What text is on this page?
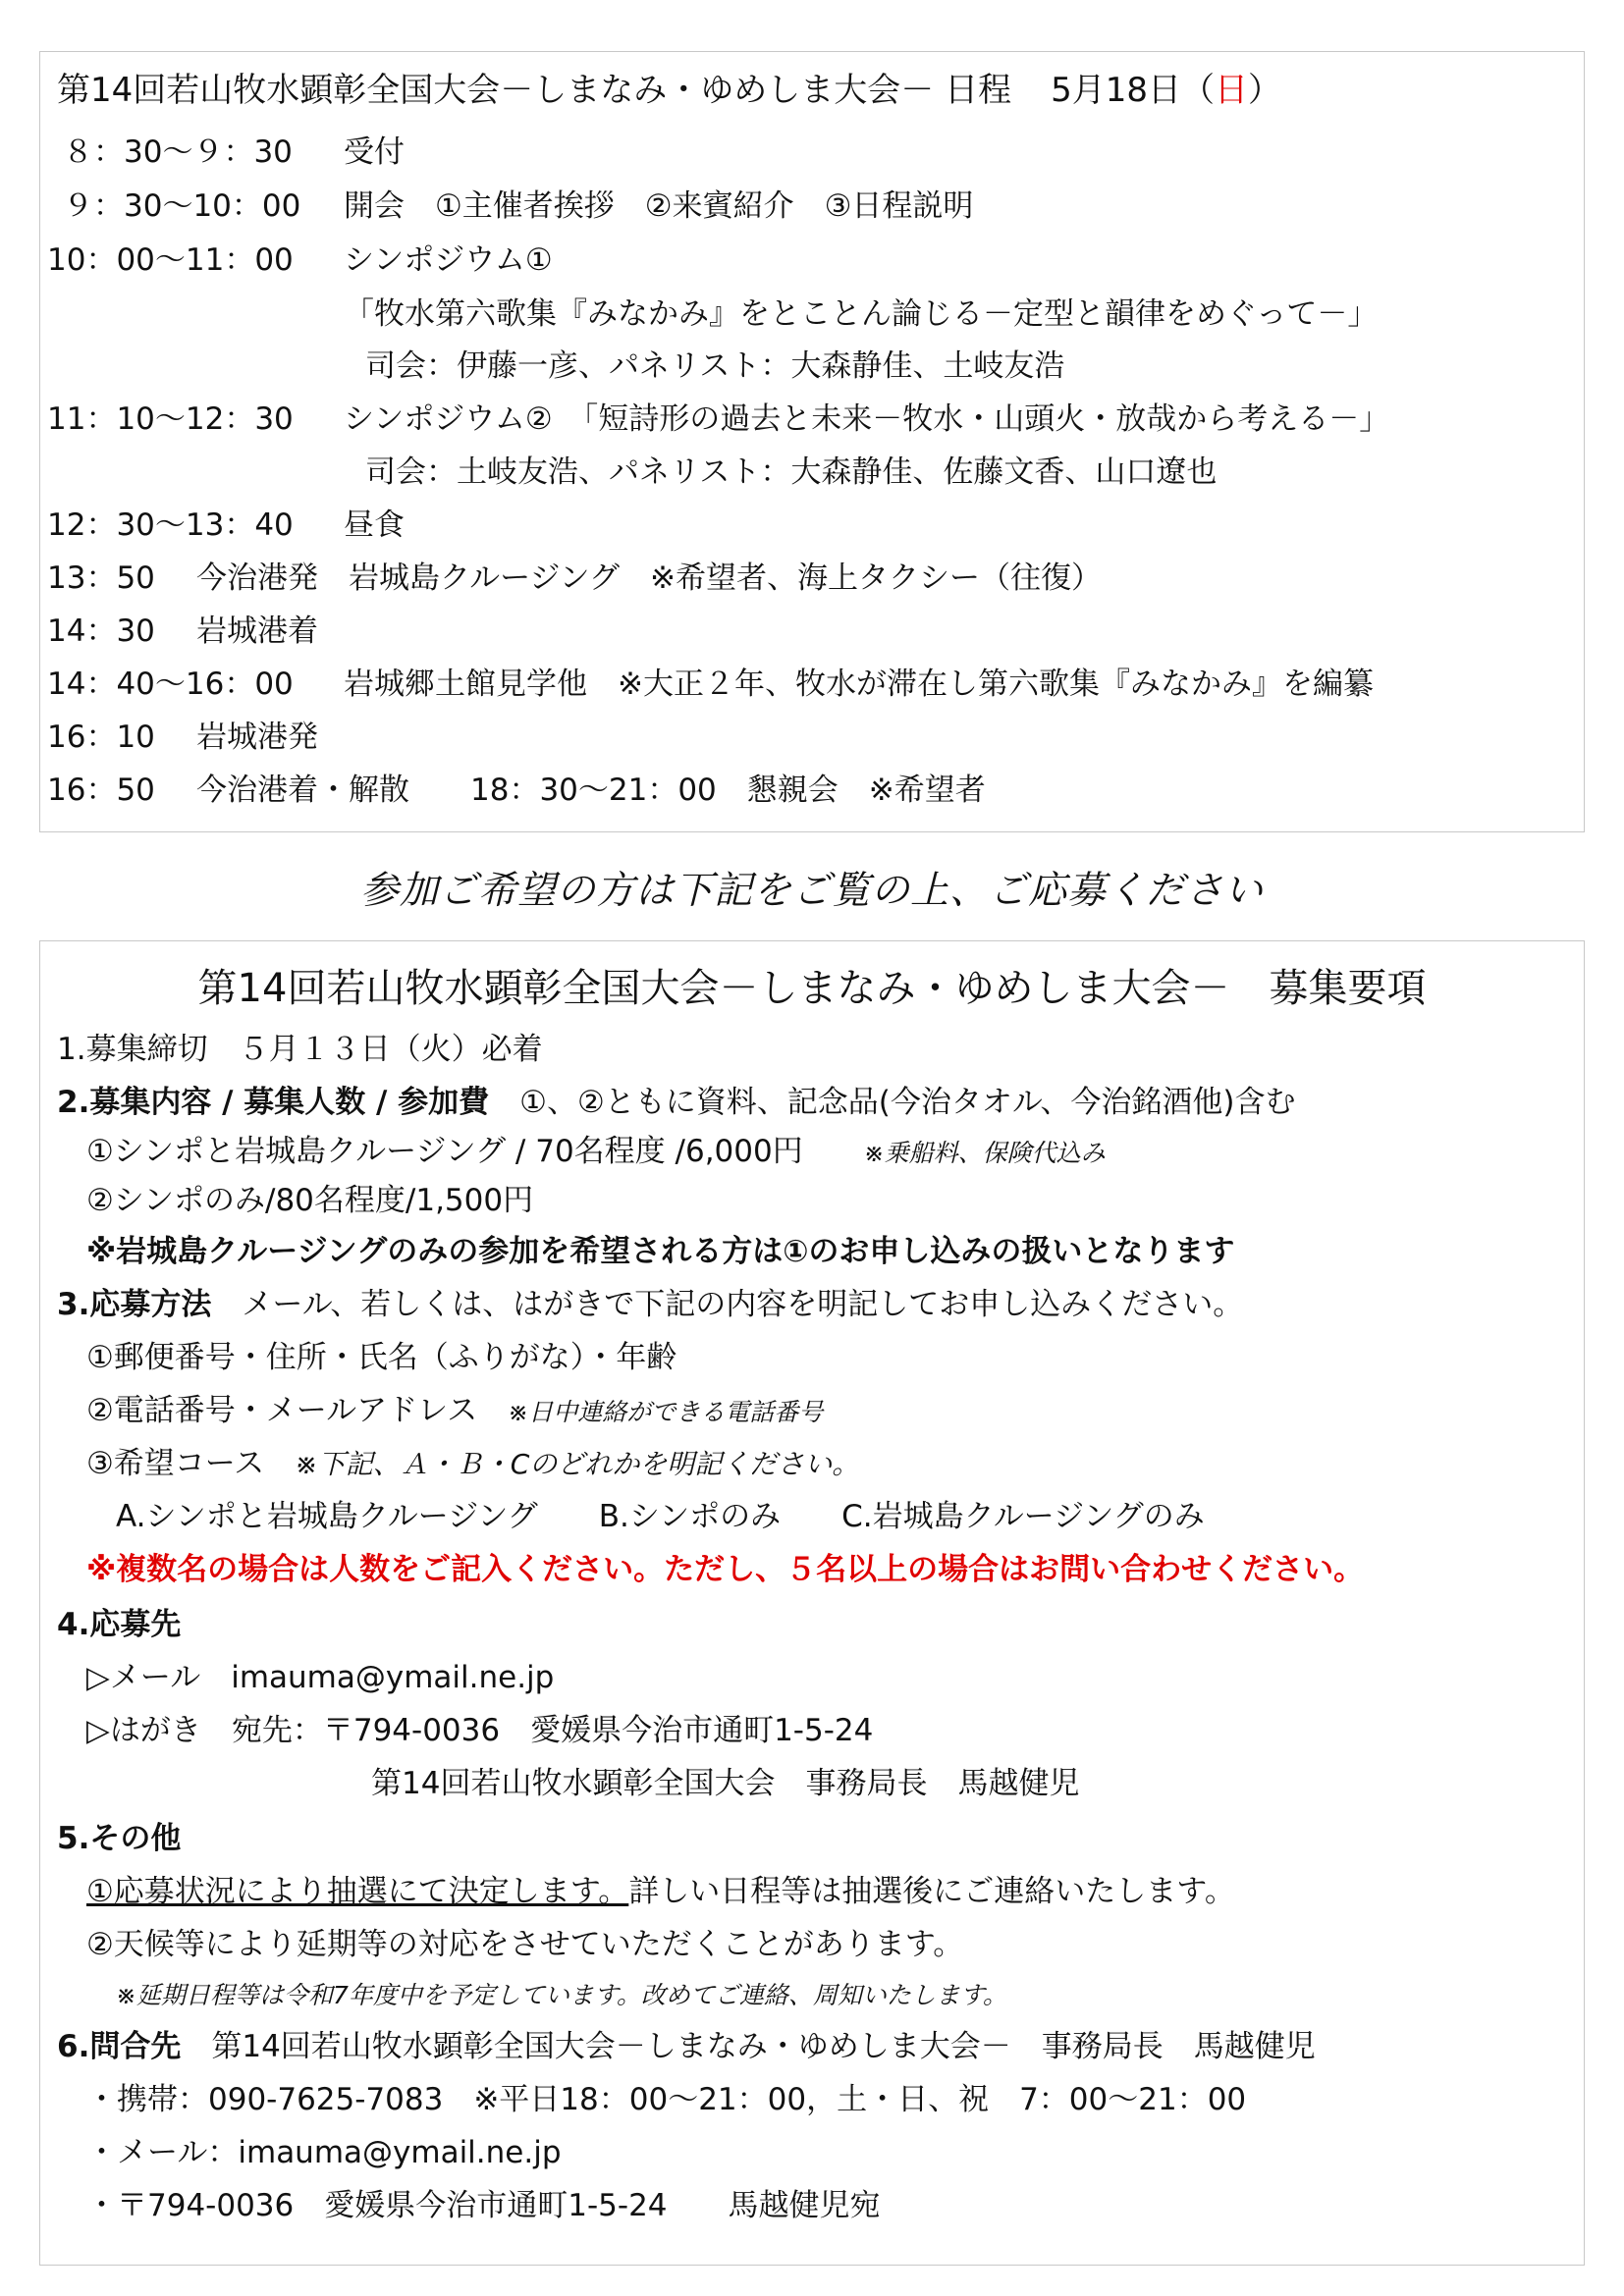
第14回若山牧水顕彰全国大会－しまなみ・ゆめしま大会－ 日程 5月18日（日）
８：30～９：30 受付
９：30～10：00 開会　①主催者挨拶　②来賓紹介　③日程説明
10：00～11：00 シンポジウム①
「牧水第六歌集『みなかみ』をとことん論じる－定型と韻律をめぐって－」
司会：伊藤一彦、パネリスト：大森静佳、土岐友浩
11：10～12：30 シンポジウム②　「短詩形の過去と未来－牧水・山頭火・放哉から考える－」
司会：土岐友浩、パネリスト：大森静佳、佐藤文香、山口遼也
12：30～13：40 昼食
13：50 今治港発　岩城島クルージング　※希望者、海上タクシー（往復）
14：30 岩城港着
14：40～16：00 岩城郷土館見学他　※大正２年、牧水が滞在し第六歌集『みなかみ』を編纂
16：10 岩城港発
16：50 今治港着・解散　　18：30～21：00　懇親会　※希望者
参加ご希望の方は下記をご覧の上、ご応募ください
第14回若山牧水顕彰全国大会－しまなみ・ゆめしま大会－　募集要項
1.募集締切　 ５月１３日（火）必着
2.募集内容 / 募集人数 / 参加費　 ①、②ともに資料、記念品(今治タオル、今治銘酒他)含む
①シンポと岩城島クルージング / 70名程度 /6,000円　　 ※乗船料、保険代込み
②シンポのみ/80名程度/1,500円
※岩城島クルージングのみの参加を希望される方は①のお申し込みの扱いとなります
3.応募方法　 メール、若しくは、はがきで下記の内容を明記してお申し込みください。
①郵便番号・住所・氏名（ふりがな）・年齢
②電話番号・メールアドレス　 ※日中連絡ができる電話番号
③希望コース　 ※下記、Ａ・Ｂ・Cのどれかを明記ください。
A.シンポと岩城島クルージング　　B.シンポのみ　　C.岩城島クルージングのみ
※複数名の場合は人数をご記入ください。ただし、５名以上の場合はお問い合わせください。
4.応募先
▷メール　imauma@ymail.ne.jp
▷はがき　宛先：〒794-0036　愛媛県今治市通町1-5-24
第14回若山牧水顕彰全国大会　事務局長　馬越健児
5.その他
①応募状況により抽選にて決定します。詳しい日程等は抽選後にご連絡いたします。
②天候等により延期等の対応をさせていただくことがあります。
※延期日程等は令和7年度中を予定しています。改めてご連絡、周知いたします。
6.問合先　 第14回若山牧水顕彰全国大会－しまなみ・ゆめしま大会－　事務局長　馬越健児
・携帯：090-7625-7083　※平日18：00～21：00，土・日、祝　7：00～21：00
・メール：imauma@ymail.ne.jp
・〒794-0036　愛媛県今治市通町1-5-24　　馬越健児宛
